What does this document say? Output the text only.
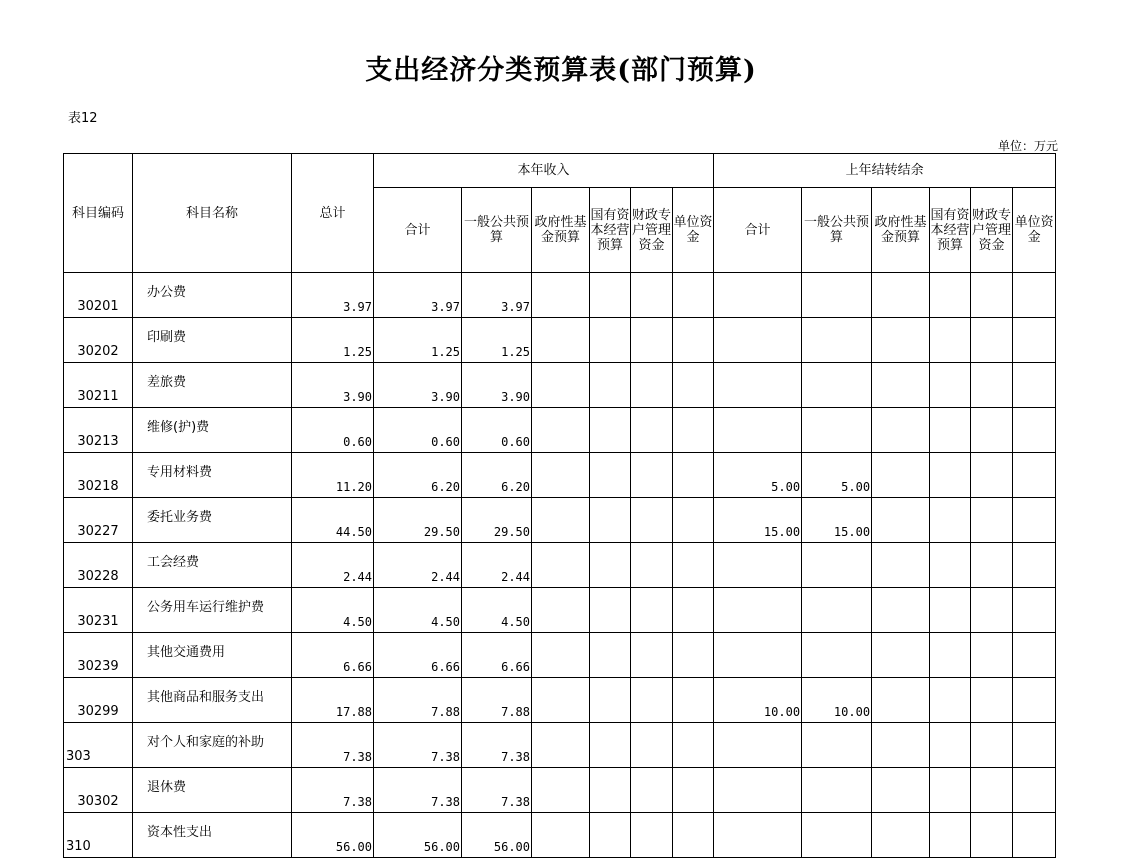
支出经济分类预算表(部门预算)
表12
单位：万元
科目编码	科目名称	总计	本年收入						上年结转结余					
			合计	一般公共预算	政府性基金预算	国有资本经营预算	财政专户管理资金	单位资金	合计	一般公共预算	政府性基金预算	国有资本经营预算	财政专户管理资金	单位资金
30201	办公费	3.97	3.97	3.97										
30202	印刷费	1.25	1.25	1.25										
30211	差旅费	3.90	3.90	3.90										
30213	维修(护)费	0.60	0.60	0.60										
30218	专用材料费	11.20	6.20	6.20					5.00	5.00				
30227	委托业务费	44.50	29.50	29.50					15.00	15.00				
30228	工会经费	2.44	2.44	2.44										
30231	公务用车运行维护费	4.50	4.50	4.50										
30239	其他交通费用	6.66	6.66	6.66										
30299	其他商品和服务支出	17.88	7.88	7.88					10.00	10.00				
303	对个人和家庭的补助	7.38	7.38	7.38										
30302	退休费	7.38	7.38	7.38										
310	资本性支出	56.00	56.00	56.00										
